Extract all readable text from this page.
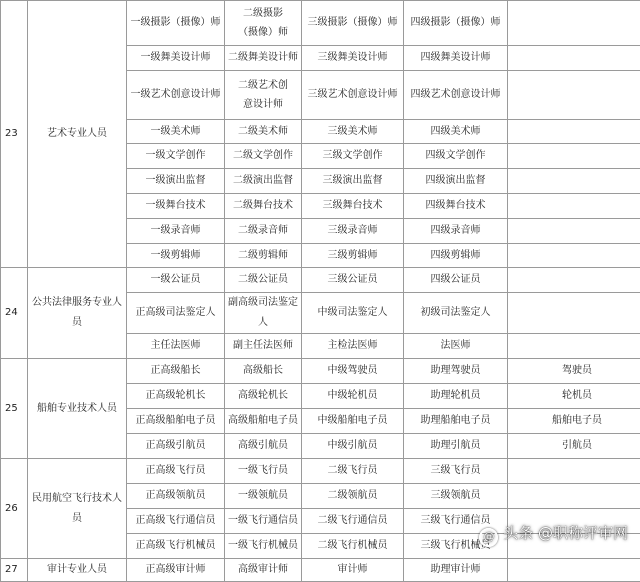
23	艺术专业人员	一级摄影（摄像）师	二级摄影（摄像）师	三级摄影（摄像）师	四级摄影（摄像）师	
		一级舞美设计师	二级舞美设计师	三级舞美设计师	四级舞美设计师	
		一级艺术创意设计师	二级艺术创意设计师	三级艺术创意设计师	四级艺术创意设计师	
		一级美术师	二级美术师	三级美术师	四级美术师	
		一级文学创作	二级文学创作	三级文学创作	四级文学创作	
		一级演出监督	二级演出监督	三级演出监督	四级演出监督	
		一级舞台技术	二级舞台技术	三级舞台技术	四级舞台技术	
		一级录音师	二级录音师	三级录音师	四级录音师	
		一级剪辑师	二级剪辑师	三级剪辑师	四级剪辑师	
24	公共法律服务专业人员	一级公证员	二级公证员	三级公证员	四级公证员	
		正高级司法鉴定人	副高级司法鉴定人	中级司法鉴定人	初级司法鉴定人	
		主任法医师	副主任法医师	主检法医师	法医师	
25	船舶专业技术人员	正高级船长	高级船长	中级驾驶员	助理驾驶员	驾驶员
		正高级轮机长	高级轮机长	中级轮机员	助理轮机员	轮机员
		正高级船舶电子员	高级船舶电子员	中级船舶电子员	助理船舶电子员	船舶电子员
		正高级引航员	高级引航员	中级引航员	助理引航员	引航员
26	民用航空飞行技术人员	正高级飞行员	一级飞行员	二级飞行员	三级飞行员	
		正高级领航员	一级领航员	二级领航员	三级领航员	
		正高级飞行通信员	一级飞行通信员	二级飞行通信员	三级飞行通信员	
		正高级飞行机械员	一级飞行机械员	二级飞行机械员	三级飞行机械员	
27	审计专业人员	正高级审计师	高级审计师	审计师	助理审计师	
@ 头条 @职称评审网
